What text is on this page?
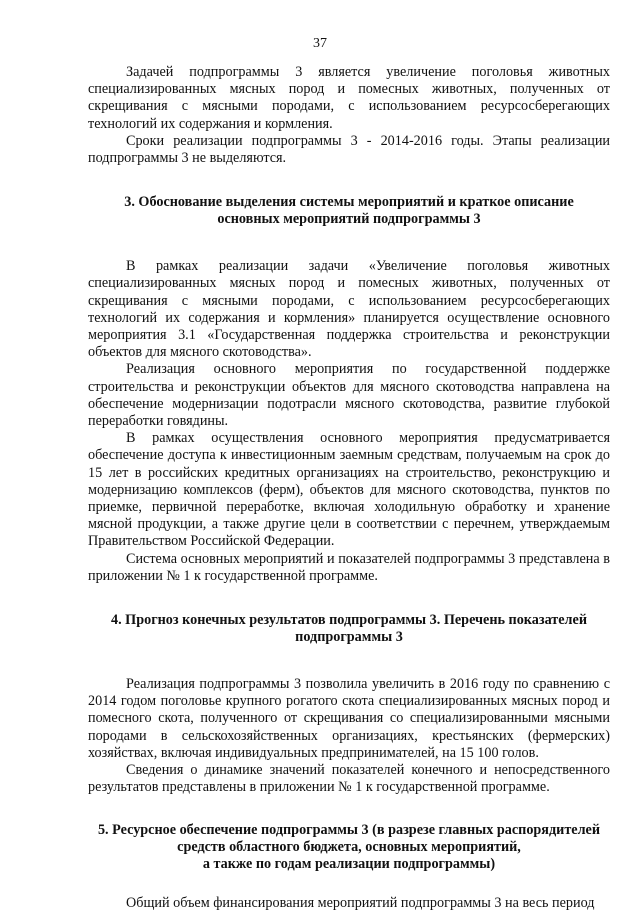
37

Задачей подпрограммы 3 является увеличение поголовья животных специализированных мясных пород и помесных животных, полученных от скрещивания с мясными породами, с использованием ресурсосберегающих технологий их содержания и кормления.

Сроки реализации подпрограммы 3 - 2014-2016 годы. Этапы реализации подпрограммы 3 не выделяются.

3. Обоснование выделения системы мероприятий и краткое описание
основных мероприятий подпрограммы 3

В рамках реализации задачи «Увеличение поголовья животных специализированных мясных пород и помесных животных, полученных от скрещивания с мясными породами, с использованием ресурсосберегающих технологий их содержания и кормления» планируется осуществление основного мероприятия 3.1 «Государственная поддержка строительства и реконструкции объектов для мясного скотоводства».

Реализация основного мероприятия по государственной поддержке строительства и реконструкции объектов для мясного скотоводства направлена на обеспечение модернизации подотрасли мясного скотоводства, развитие глубокой переработки говядины.

В рамках осуществления основного мероприятия предусматривается обеспечение доступа к инвестиционным заемным средствам, получаемым на срок до 15 лет в российских кредитных организациях на строительство, реконструкцию и модернизацию комплексов (ферм), объектов для мясного скотоводства, пунктов по приемке, первичной переработке, включая холодильную обработку и хранение мясной продукции, а также другие цели в соответствии с перечнем, утверждаемым Правительством Российской Федерации.

Система основных мероприятий и показателей подпрограммы 3 представлена в приложении № 1 к государственной программе.

4. Прогноз конечных результатов подпрограммы 3. Перечень показателей
подпрограммы 3

Реализация подпрограммы 3 позволила увеличить в 2016 году по сравнению с 2014 годом поголовье крупного рогатого скота специализированных мясных пород и помесного скота, полученного от скрещивания со специализированными мясными породами в сельскохозяйственных организациях, крестьянских (фермерских) хозяйствах, включая индивидуальных предпринимателей, на 15 100 голов.

Сведения о динамике значений показателей конечного и непосредственного результатов представлены в приложении № 1 к государственной программе.

5. Ресурсное обеспечение подпрограммы 3 (в разрезе главных распорядителей
средств областного бюджета, основных мероприятий,
а также по годам реализации подпрограммы)

Общий объем финансирования мероприятий подпрограммы 3 на весь период
